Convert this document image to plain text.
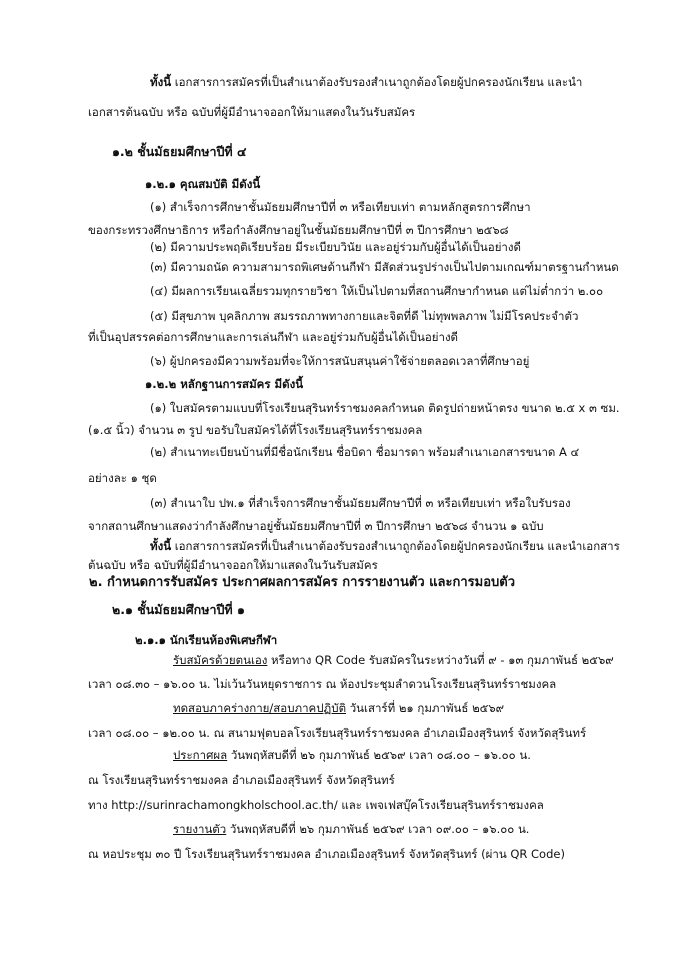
ทั้งนี้ เอกสารการสมัครที่เป็นสำเนาต้องรับรองสำเนาถูกต้องโดยผู้ปกครองนักเรียน และนำ
เอกสารต้นฉบับ หรือ ฉบับที่ผู้มีอำนาจออกให้มาแสดงในวันรับสมัคร
๑.๒ ชั้นมัธยมศึกษาปีที่ ๔
๑.๒.๑ คุณสมบัติ มีดังนี้
(๑) สำเร็จการศึกษาชั้นมัธยมศึกษาปีที่ ๓ หรือเทียบเท่า ตามหลักสูตรการศึกษา
ของกระทรวงศึกษาธิการ หรือกำลังศึกษาอยู่ในชั้นมัธยมศึกษาปีที่ ๓ ปีการศึกษา ๒๕๖๘
(๒) มีความประพฤติเรียบร้อย มีระเบียบวินัย และอยู่ร่วมกับผู้อื่นได้เป็นอย่างดี
(๓) มีความถนัด ความสามารถพิเศษด้านกีฬา มีสัดส่วนรูปร่างเป็นไปตามเกณฑ์มาตรฐานกำหนด
(๔) มีผลการเรียนเฉลี่ยรวมทุกรายวิชา ให้เป็นไปตามที่สถานศึกษากำหนด แต่ไม่ต่ำกว่า ๒.๐๐
(๕) มีสุขภาพ บุคลิกภาพ สมรรถภาพทางกายและจิตที่ดี ไม่ทุพพลภาพ ไม่มีโรคประจำตัว
ที่เป็นอุปสรรคต่อการศึกษาและการเล่นกีฬา และอยู่ร่วมกับผู้อื่นได้เป็นอย่างดี
(๖) ผู้ปกครองมีความพร้อมที่จะให้การสนับสนุนค่าใช้จ่ายตลอดเวลาที่ศึกษาอยู่
๑.๒.๒ หลักฐานการสมัคร มีดังนี้
(๑) ใบสมัครตามแบบที่โรงเรียนสุรินทร์ราชมงคลกำหนด ติดรูปถ่ายหน้าตรง ขนาด ๒.๕ x ๓ ซม.
(๑.๕ นิ้ว) จำนวน ๓ รูป ขอรับใบสมัครได้ที่โรงเรียนสุรินทร์ราชมงคล
(๒) สำเนาทะเบียนบ้านที่มีชื่อนักเรียน ชื่อบิดา ชื่อมารดา พร้อมสำเนาเอกสารขนาด A ๔
อย่างละ ๑ ชุด
(๓) สำเนาใบ ปพ.๑ ที่สำเร็จการศึกษาชั้นมัธยมศึกษาปีที่ ๓ หรือเทียบเท่า หรือใบรับรอง
จากสถานศึกษาแสดงว่ากำลังศึกษาอยู่ชั้นมัธยมศึกษาปีที่ ๓ ปีการศึกษา ๒๕๖๘ จำนวน ๑ ฉบับ
ทั้งนี้ เอกสารการสมัครที่เป็นสำเนาต้องรับรองสำเนาถูกต้องโดยผู้ปกครองนักเรียน และนำเอกสาร
ต้นฉบับ หรือ ฉบับที่ผู้มีอำนาจออกให้มาแสดงในวันรับสมัคร
๒. กำหนดการรับสมัคร ประกาศผลการสมัคร การรายงานตัว และการมอบตัว
๒.๑ ชั้นมัธยมศึกษาปีที่ ๑
๒.๑.๑ นักเรียนห้องพิเศษกีฬา
รับสมัครด้วยตนเอง หรือทาง QR Code รับสมัครในระหว่างวันที่ ๙ - ๑๓ กุมภาพันธ์ ๒๕๖๙
เวลา ๐๘.๓๐ – ๑๖.๐๐ น. ไม่เว้นวันหยุดราชการ ณ ห้องประชุมลำดวนโรงเรียนสุรินทร์ราชมงคล
ทดสอบภาคร่างกาย/สอบภาคปฏิบัติ วันเสาร์ที่ ๒๑ กุมภาพันธ์ ๒๕๖๙
เวลา ๐๘.๐๐ – ๑๒.๐๐ น. ณ สนามฟุตบอลโรงเรียนสุรินทร์ราชมงคล อำเภอเมืองสุรินทร์ จังหวัดสุรินทร์
ประกาศผล วันพฤหัสบดีที่ ๒๖ กุมภาพันธ์ ๒๕๖๙ เวลา ๐๘.๐๐ – ๑๖.๐๐ น.
ณ โรงเรียนสุรินทร์ราชมงคล อำเภอเมืองสุรินทร์ จังหวัดสุรินทร์
ทาง http://surinrachamongkholschool.ac.th/ และ เพจเฟสบุ๊คโรงเรียนสุรินทร์ราชมงคล
รายงานตัว วันพฤหัสบดีที่ ๒๖ กุมภาพันธ์ ๒๕๖๙ เวลา ๐๙.๐๐ – ๑๖.๐๐ น.
ณ หอประชุม ๓๐ ปี โรงเรียนสุรินทร์ราชมงคล อำเภอเมืองสุรินทร์ จังหวัดสุรินทร์ (ผ่าน QR Code)
